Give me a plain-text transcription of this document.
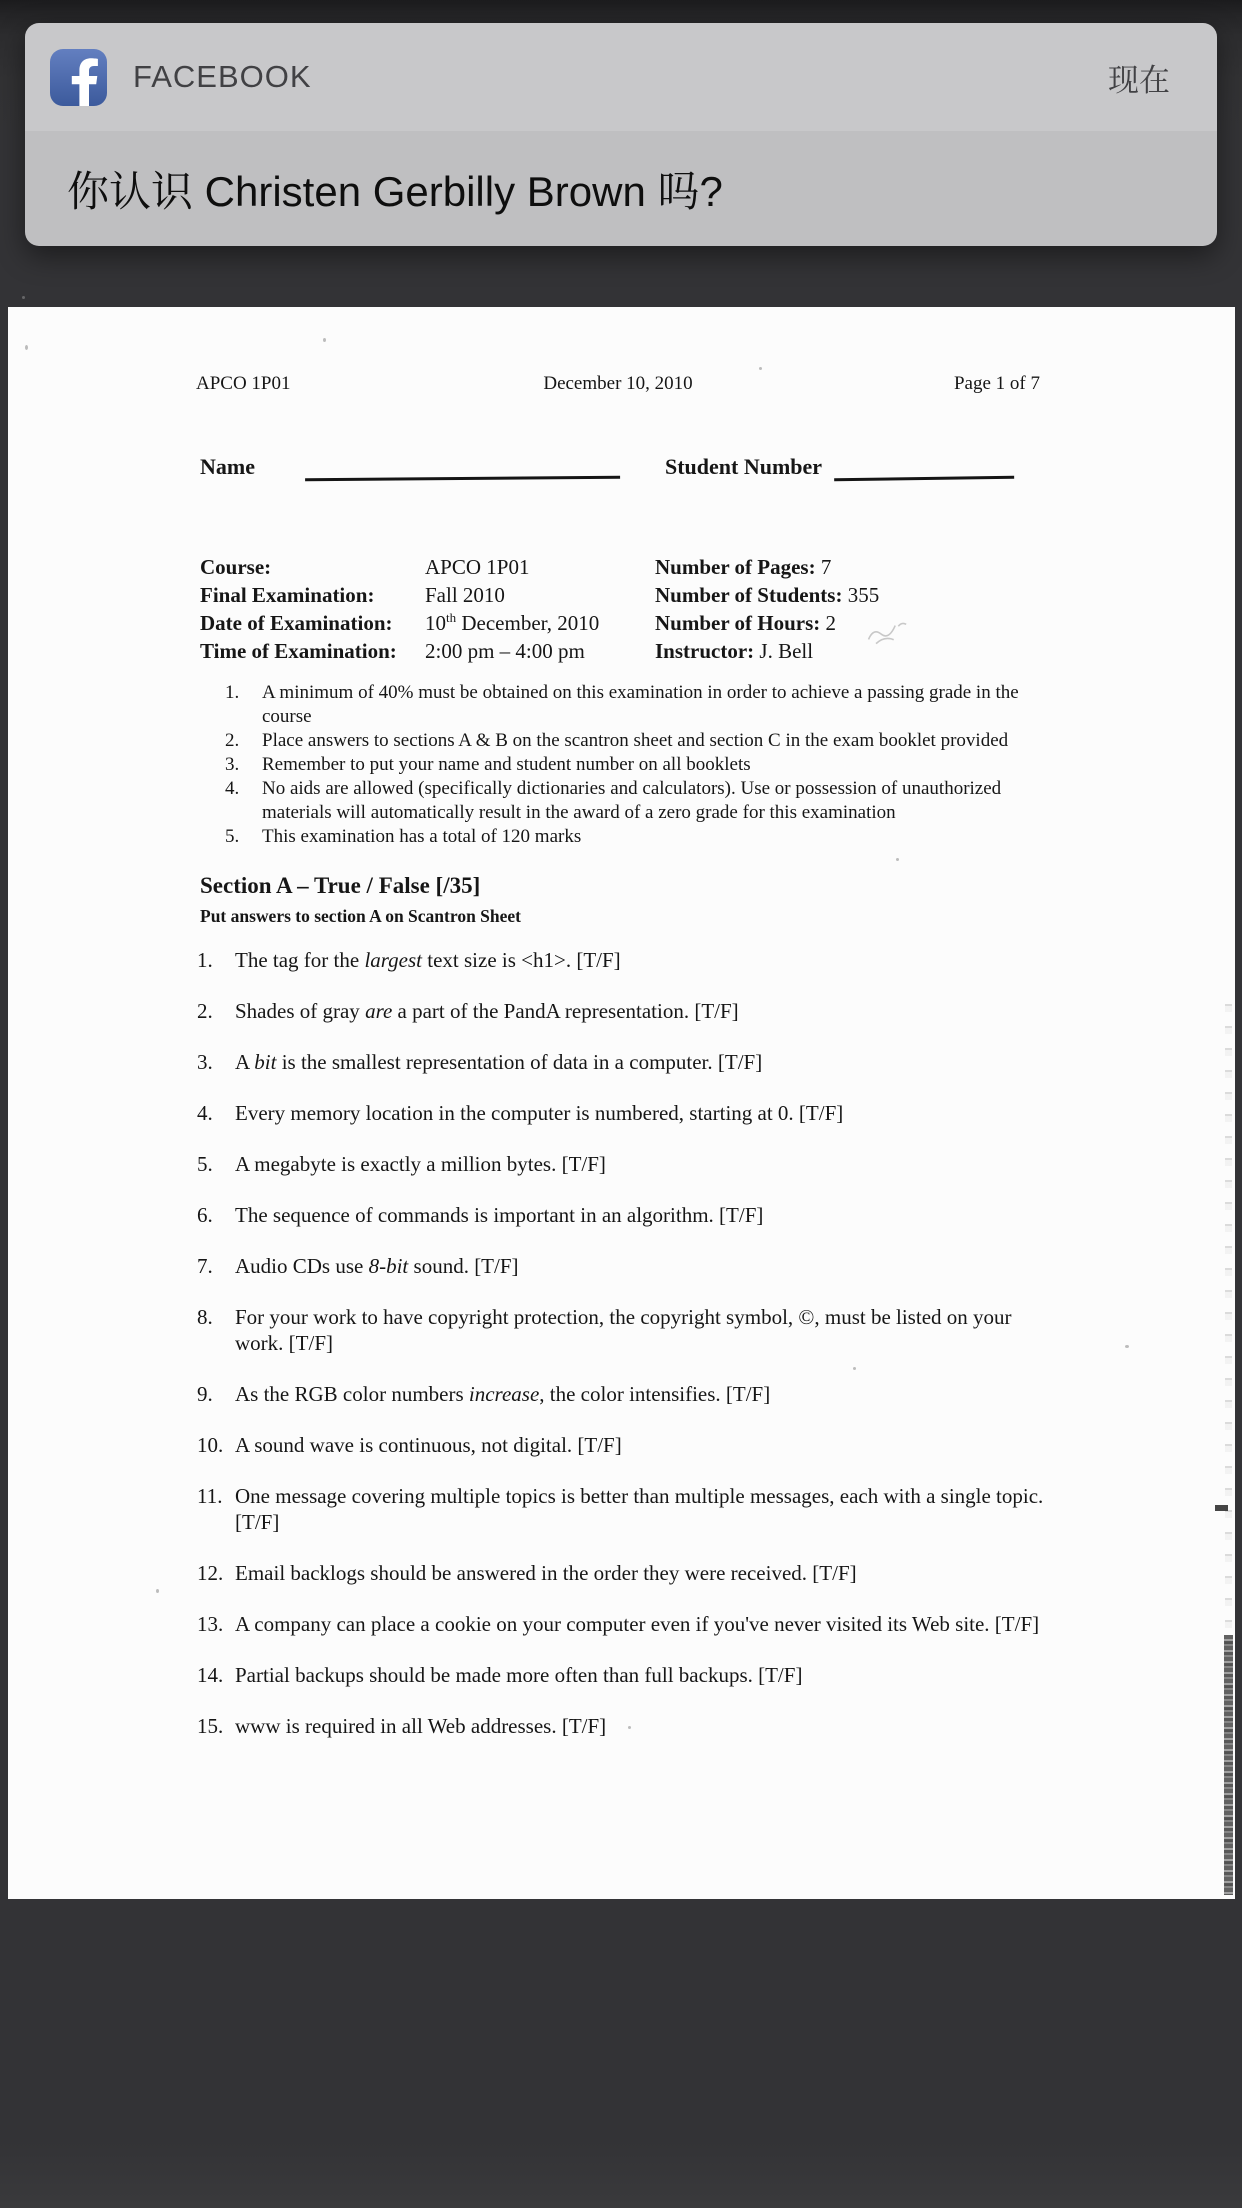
FACEBOOK	现在
你认识 Christen Gerbilly Brown 吗?
APCO 1P01	December 10, 2010	Page 1 of 7
Name	Student Number
Course:	APCO 1P01	Number of Pages: 7
Final Examination:	Fall 2010	Number of Students: 355
Date of Examination:	10th December, 2010	Number of Hours: 2
Time of Examination:	2:00 pm – 4:00 pm	Instructor: J. Bell
1.	A minimum of 40% must be obtained on this examination in order to achieve a passing grade in the course
2.	Place answers to sections A & B on the scantron sheet and section C in the exam booklet provided
3.	Remember to put your name and student number on all booklets
4.	No aids are allowed (specifically dictionaries and calculators). Use or possession of unauthorized materials will automatically result in the award of a zero grade for this examination
5.	This examination has a total of 120 marks
Section A – True / False [/35]
Put answers to section A on Scantron Sheet
1.	The tag for the largest text size is <h1>. [T/F]
2.	Shades of gray are a part of the PandA representation. [T/F]
3.	A bit is the smallest representation of data in a computer. [T/F]
4.	Every memory location in the computer is numbered, starting at 0. [T/F]
5.	A megabyte is exactly a million bytes. [T/F]
6.	The sequence of commands is important in an algorithm. [T/F]
7.	Audio CDs use 8-bit sound. [T/F]
8.	For your work to have copyright protection, the copyright symbol, ©, must be listed on your work. [T/F]
9.	As the RGB color numbers increase, the color intensifies. [T/F]
10. A sound wave is continuous, not digital. [T/F]
11. One message covering multiple topics is better than multiple messages, each with a single topic. [T/F]
12. Email backlogs should be answered in the order they were received. [T/F]
13. A company can place a cookie on your computer even if you've never visited its Web site. [T/F]
14. Partial backups should be made more often than full backups. [T/F]
15. www is required in all Web addresses. [T/F]
